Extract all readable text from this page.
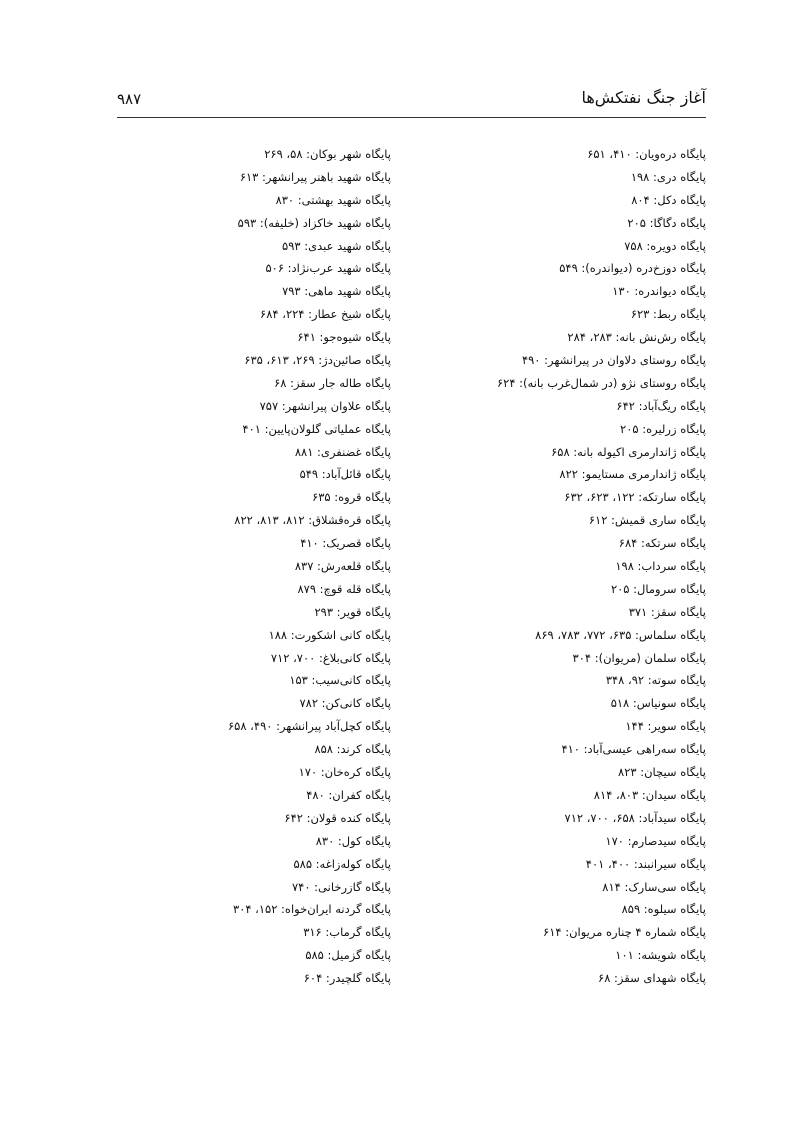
۹۸۷	آغاز جنگ نفتکش‌ها
پایگاه درەویان: ۴۱۰، ۶۵۱
پایگاه دری: ۱۹۸
پایگاه دکل: ۸۰۴
پایگاه دگاگا: ۲۰۵
پایگاه دویره: ۷۵۸
پایگاه دوزخ‌دره (دیواندره): ۵۴۹
پایگاه دیواندره: ۱۳۰
پایگاه ربط: ۶۲۳
پایگاه رش‌نش بانه: ۲۸۳، ۲۸۴
پایگاه روستای دلاوان در پیرانشهر: ۴۹۰
پایگاه روستای نژو (در شمال‌غرب بانه): ۶۲۴
پایگاه ریگ‌آباد: ۶۴۲
پایگاه زرلیره: ۲۰۵
پایگاه ژاندارمری اکیوله بانه: ۶۵۸
پایگاه ژاندارمری مستایمو: ۸۲۲
پایگاه سارتکه: ۱۲۲، ۶۲۳، ۶۳۲
پایگاه ساری قمیش: ۶۱۲
پایگاه سرتکه: ۶۸۴
پایگاه سرداب: ۱۹۸
پایگاه سرومال: ۲۰۵
پایگاه سقز: ۳۷۱
پایگاه سلماس: ۶۳۵، ۷۷۲، ۷۸۳، ۸۶۹
پایگاه سلمان (مریوان): ۳۰۴
پایگاه سوته: ۹۲، ۳۴۸
پایگاه سونیاس: ۵۱۸
پایگاه سویر: ۱۴۴
پایگاه سه‌راهی عیسی‌آباد: ۴۱۰
پایگاه سیچان: ۸۲۳
پایگاه سیدان: ۸۰۳، ۸۱۴
پایگاه سیدآباد: ۶۵۸، ۷۰۰، ۷۱۲
پایگاه سیدصارم: ۱۷۰
پایگاه سیرانبند: ۴۰۰، ۴۰۱
پایگاه سی‌سارک: ۸۱۴
پایگاه سیلوه: ۸۵۹
پایگاه شماره ۴ چناره مریوان: ۶۱۴
پایگاه شویشه: ۱۰۱
پایگاه شهدای سقز: ۶۸
پایگاه شهر بوکان: ۵۸، ۲۶۹
پایگاه شهید باهنر پیرانشهر: ۶۱۳
پایگاه شهید بهشتی: ۸۳۰
پایگاه شهید خاکزاد (خلیفه): ۵۹۳
پایگاه شهید عبدی: ۵۹۳
پایگاه شهید عرب‌نژاد: ۵۰۶
پایگاه شهید ماهی: ۷۹۳
پایگاه شیخ عطار: ۲۲۴، ۶۸۴
پایگاه شیوەجو: ۶۴۱
پایگاه صائین‌دژ: ۲۶۹، ۶۱۳، ۶۳۵
پایگاه طاله جار سقز: ۶۸
پایگاه علاوان پیرانشهر: ۷۵۷
پایگاه عملیاتی گلولان‌پایین: ۴۰۱
پایگاه غضنفری: ۸۸۱
پایگاه قائل‌آباد: ۵۴۹
پایگاه قروه: ۶۳۵
پایگاه قره‌قشلاق: ۸۱۲، ۸۱۳، ۸۲۲
پایگاه قصریک: ۴۱۰
پایگاه قلعه‌رش: ۸۳۷
پایگاه قله قوچ: ۸۷۹
پایگاه قویر: ۲۹۳
پایگاه کانی اشکورت: ۱۸۸
پایگاه کانی‌بلاغ: ۷۰۰، ۷۱۲
پایگاه کانی‌سیب: ۱۵۳
پایگاه کانی‌کن: ۷۸۲
پایگاه کچل‌آباد پیرانشهر: ۴۹۰، ۶۵۸
پایگاه کرند: ۸۵۸
پایگاه کره‌خان: ۱۷۰
پایگاه کفران: ۴۸۰
پایگاه کنده قولان: ۶۴۲
پایگاه کول: ۸۳۰
پایگاه کوله‌زاغه: ۵۸۵
پایگاه گازرخانی: ۷۴۰
پایگاه گردنه ایران‌خواه: ۱۵۲، ۳۰۴
پایگاه گرماب: ۳۱۶
پایگاه گزمیل: ۵۸۵
پایگاه گلچیدر: ۶۰۴
